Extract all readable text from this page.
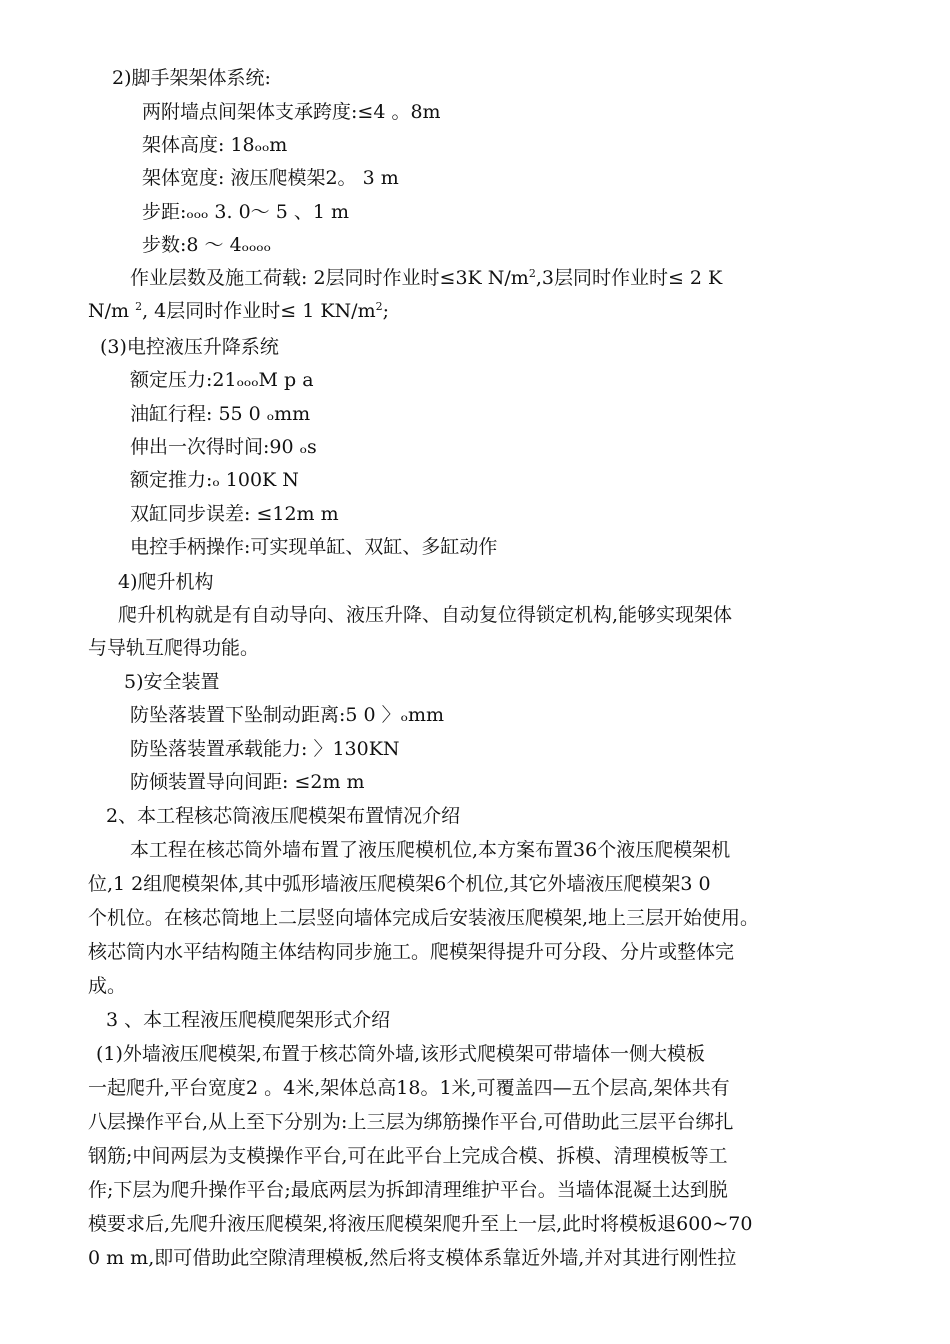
2)脚手架架体系统:
两附墙点间架体支承跨度:≤4 。8m
架体高度: 18ₒₒm
架体宽度: 液压爬模架2。 3 m
步距:ₒₒₒ 3. 0～ 5 、1 m
步数:8 ～ 4ₒₒₒₒ
作业层数及施工荷载: 2层同时作业时≤3K $N/m^2,3$层同时作业时≤ 2 K
N/m $^2$, 4层同时作业时≤ 1 $KN/m^2$;
(3)电控液压升降系统
额定压力:21ₒₒₒM p a
油缸行程: 55 0 ₒmm
伸出一次得时间:90 ₒs
额定推力:ₒ 100K N
双缸同步误差: ≤12m m
电控手柄操作:可实现单缸、双缸、多缸动作
4)爬升机构
爬升机构就是有自动导向、液压升降、自动复位得锁定机构,能够实现架体
与导轨互爬得功能。
5)安全装置
防坠落装置下坠制动距离:5 0 〉ₒmm
防坠落装置承载能力: 〉130KN
防倾装置导向间距: ≤2m m
2、本工程核芯筒液压爬模架布置情况介绍
本工程在核芯筒外墙布置了液压爬模机位,本方案布置36个液压爬模架机
位,1 2组爬模架体,其中弧形墙液压爬模架6个机位,其它外墙液压爬模架3 0
个机位。在核芯筒地上二层竖向墙体完成后安装液压爬模架,地上三层开始使用。
核芯筒内水平结构随主体结构同步施工。爬模架得提升可分段、分片或整体完
成。
3 、本工程液压爬模爬架形式介绍
(1)外墙液压爬模架,布置于核芯筒外墙,该形式爬模架可带墙体一侧大模板
一起爬升,平台宽度2 。4米,架体总高18。1米,可覆盖四—五个层高,架体共有
八层操作平台,从上至下分别为:上三层为绑筋操作平台,可借助此三层平台绑扎
钢筋;中间两层为支模操作平台,可在此平台上完成合模、拆模、清理模板等工
作;下层为爬升操作平台;最底两层为拆卸清理维护平台。当墙体混凝土达到脱
模要求后,先爬升液压爬模架,将液压爬模架爬升至上一层,此时将模板退600~70
0 m m,即可借助此空隙清理模板,然后将支模体系靠近外墙,并对其进行刚性拉
